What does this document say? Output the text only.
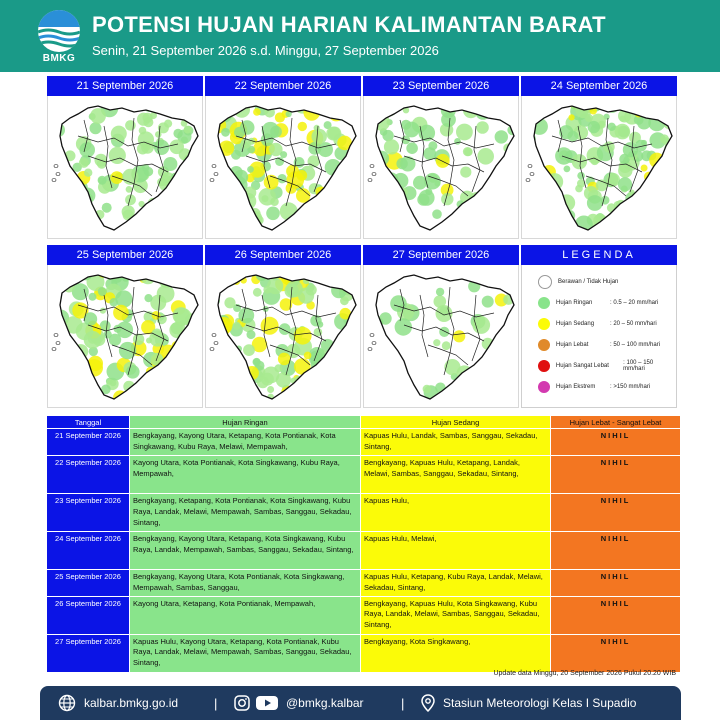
BMKG
POTENSI HUJAN HARIAN KALIMANTAN BARAT
Senin, 21 September 2026 s.d. Minggu, 27 September 2026
21 September 2026	22 September 2026	23 September 2026	24 September 2026
25 September 2026	26 September 2026	27 September 2026	LEGENDA
Berawan / Tidak Hujan
Hujan Ringan	: 0.5 – 20 mm/hari
Hujan Sedang	: 20 – 50 mm/hari
Hujan Lebat	: 50 – 100 mm/hari
Hujan Sangat Lebat	: 100 – 150 mm/hari
Hujan Ekstrem	: >150 mm/hari
Tanggal	Hujan Ringan	Hujan Sedang	Hujan Lebat - Sangat Lebat
21 September 2026	Bengkayang, Kayong Utara, Ketapang, Kota Pontianak, Kota Singkawang, Kubu Raya, Melawi, Mempawah,	Kapuas Hulu, Landak, Sambas, Sanggau, Sekadau, Sintang,	NIHIL
22 September 2026	Kayong Utara, Kota Pontianak, Kota Singkawang, Kubu Raya, Mempawah,	Bengkayang, Kapuas Hulu, Ketapang, Landak, Melawi, Sambas, Sanggau, Sekadau, Sintang,	NIHIL
23 September 2026	Bengkayang, Ketapang, Kota Pontianak, Kota Singkawang, Kubu Raya, Landak, Melawi, Mempawah, Sambas, Sanggau, Sekadau, Sintang,	Kapuas Hulu,	NIHIL
24 September 2026	Bengkayang, Kayong Utara, Ketapang, Kota Singkawang, Kubu Raya, Landak, Mempawah, Sambas, Sanggau, Sekadau, Sintang,	Kapuas Hulu, Melawi,	NIHIL
25 September 2026	Bengkayang, Kayong Utara, Kota Pontianak, Kota Singkawang, Mempawah, Sambas, Sanggau,	Kapuas Hulu, Ketapang, Kubu Raya, Landak, Melawi, Sekadau, Sintang,	NIHIL
26 September 2026	Kayong Utara, Ketapang, Kota Pontianak, Mempawah,	Bengkayang, Kapuas Hulu, Kota Singkawang, Kubu Raya, Landak, Melawi, Sambas, Sanggau, Sekadau, Sintang,	NIHIL
27 September 2026	Kapuas Hulu, Kayong Utara, Ketapang, Kota Pontianak, Kubu Raya, Landak, Melawi, Mempawah, Sambas, Sanggau, Sekadau, Sintang,	Bengkayang, Kota Singkawang,	NIHIL
Update data Minggu, 20 September 2026 Pukul 20.20 WIB
kalbar.bmkg.go.id	|	@bmkg.kalbar	|	Stasiun Meteorologi Kelas I Supadio
